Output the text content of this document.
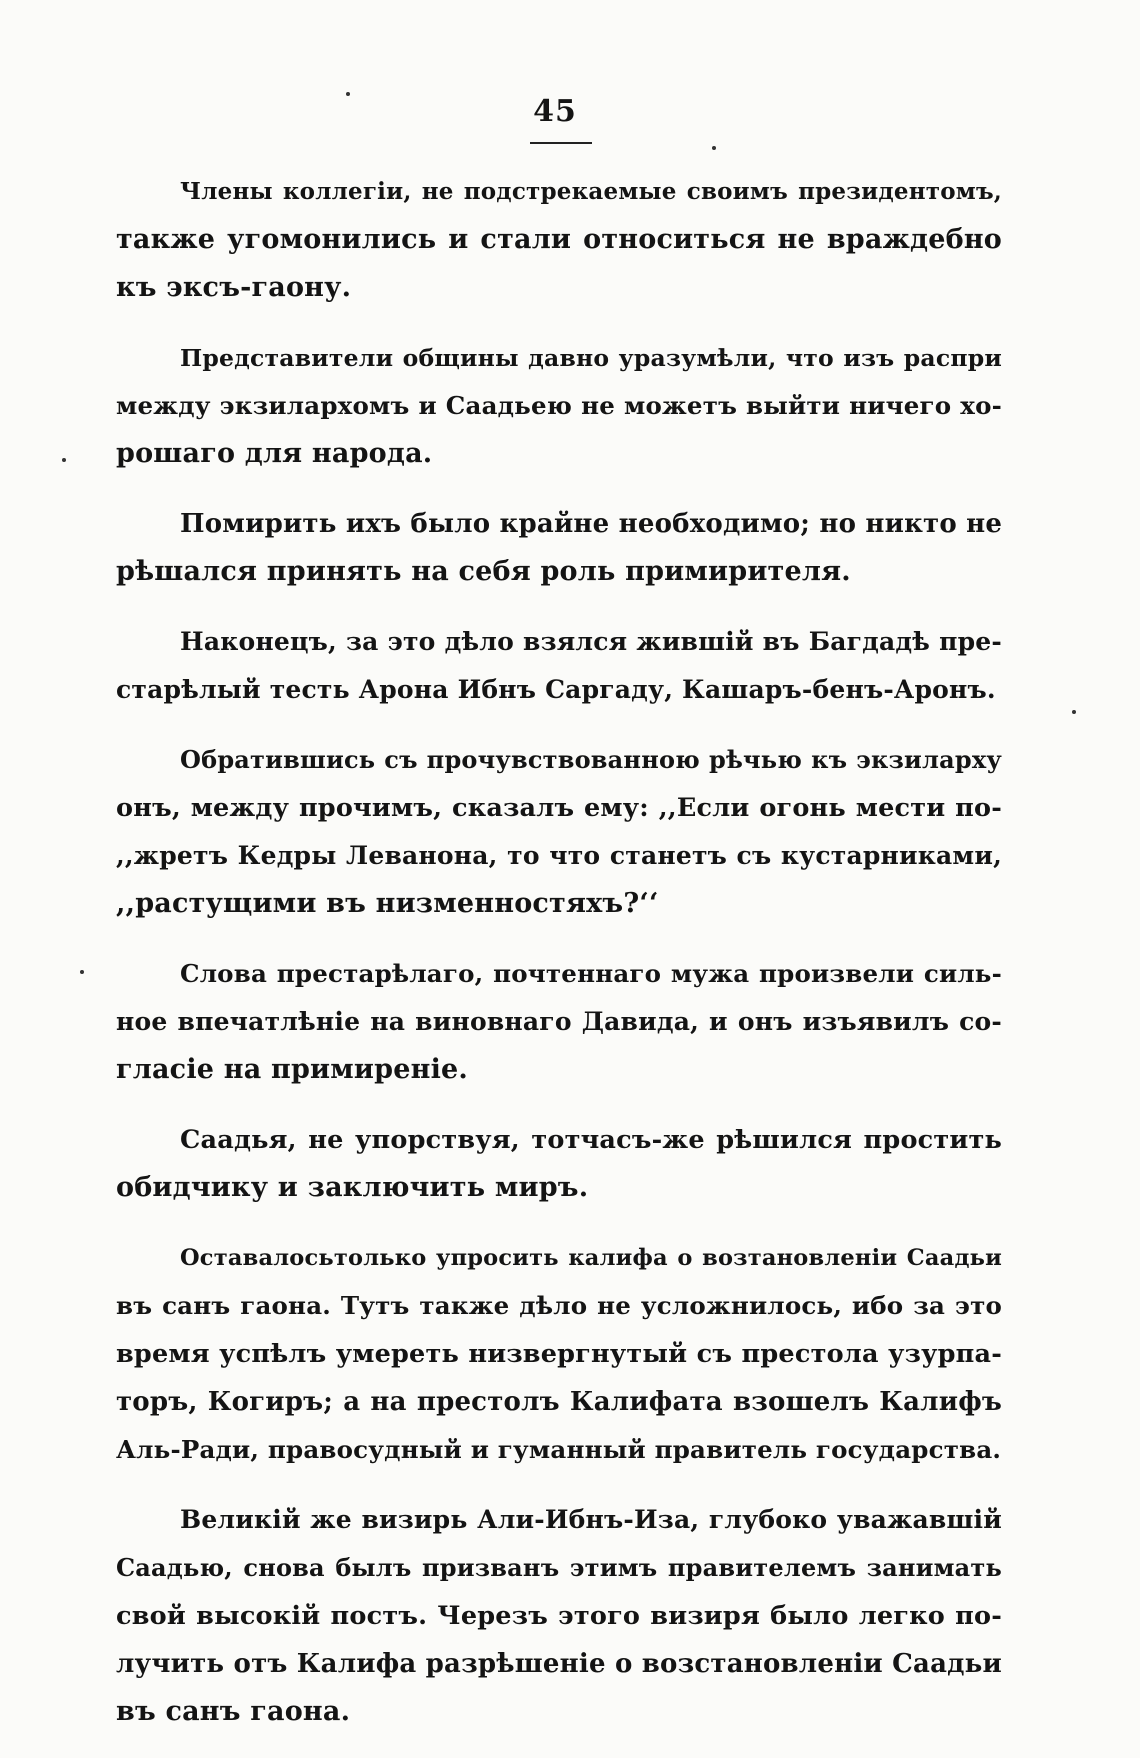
45

Члены коллегіи, не подстрекаемые своимъ президентомъ,
также угомонились и стали относиться не враждебно
къ эксъ-гаону.

Представители общины давно уразумѣли, что изъ распри
между экзилархомъ и Саадьею не можетъ выйти ничего хо-
рошаго для народа.

Помирить ихъ было крайне необходимо; но никто не
рѣшался принять на себя роль примирителя.

Наконецъ, за это дѣло взялся жившій въ Багдадѣ пре-
старѣлый тесть Арона Ибнъ Саргаду, Кашаръ-бенъ-Аронъ.

Обратившись съ прочувствованною рѣчью къ экзиларху
онъ, между прочимъ, сказалъ ему: ,,Если огонь мести по-
,,жретъ Кедры Леванона, то что станетъ съ кустарниками,
,,растущими въ низменностяхъ?‘‘

Слова престарѣлаго, почтеннаго мужа произвели силь-
ное впечатлѣніе на виновнаго Давида, и онъ изъявилъ со-
гласіе на примиреніе.

Саадья, не упорствуя, тотчасъ-же рѣшился простить
обидчику и заключить миръ.

Оставалосьтолько упросить калифа о возтановленіи Саадьи
въ санъ гаона. Тутъ также дѣло не усложнилось, ибо за это
время успѣлъ умереть низвергнутый съ престола узурпа-
торъ, Когиръ; а на престолъ Калифата взошелъ Калифъ
Аль-Ради, правосудный и гуманный правитель государства.

Великій же визирь Али-Ибнъ-Иза, глубоко уважавшій
Саадью, снова былъ призванъ этимъ правителемъ занимать
свой высокій постъ. Черезъ этого визиря было легко по-
лучить отъ Калифа разрѣшеніе о возстановленіи Саадьи
въ санъ гаона.
